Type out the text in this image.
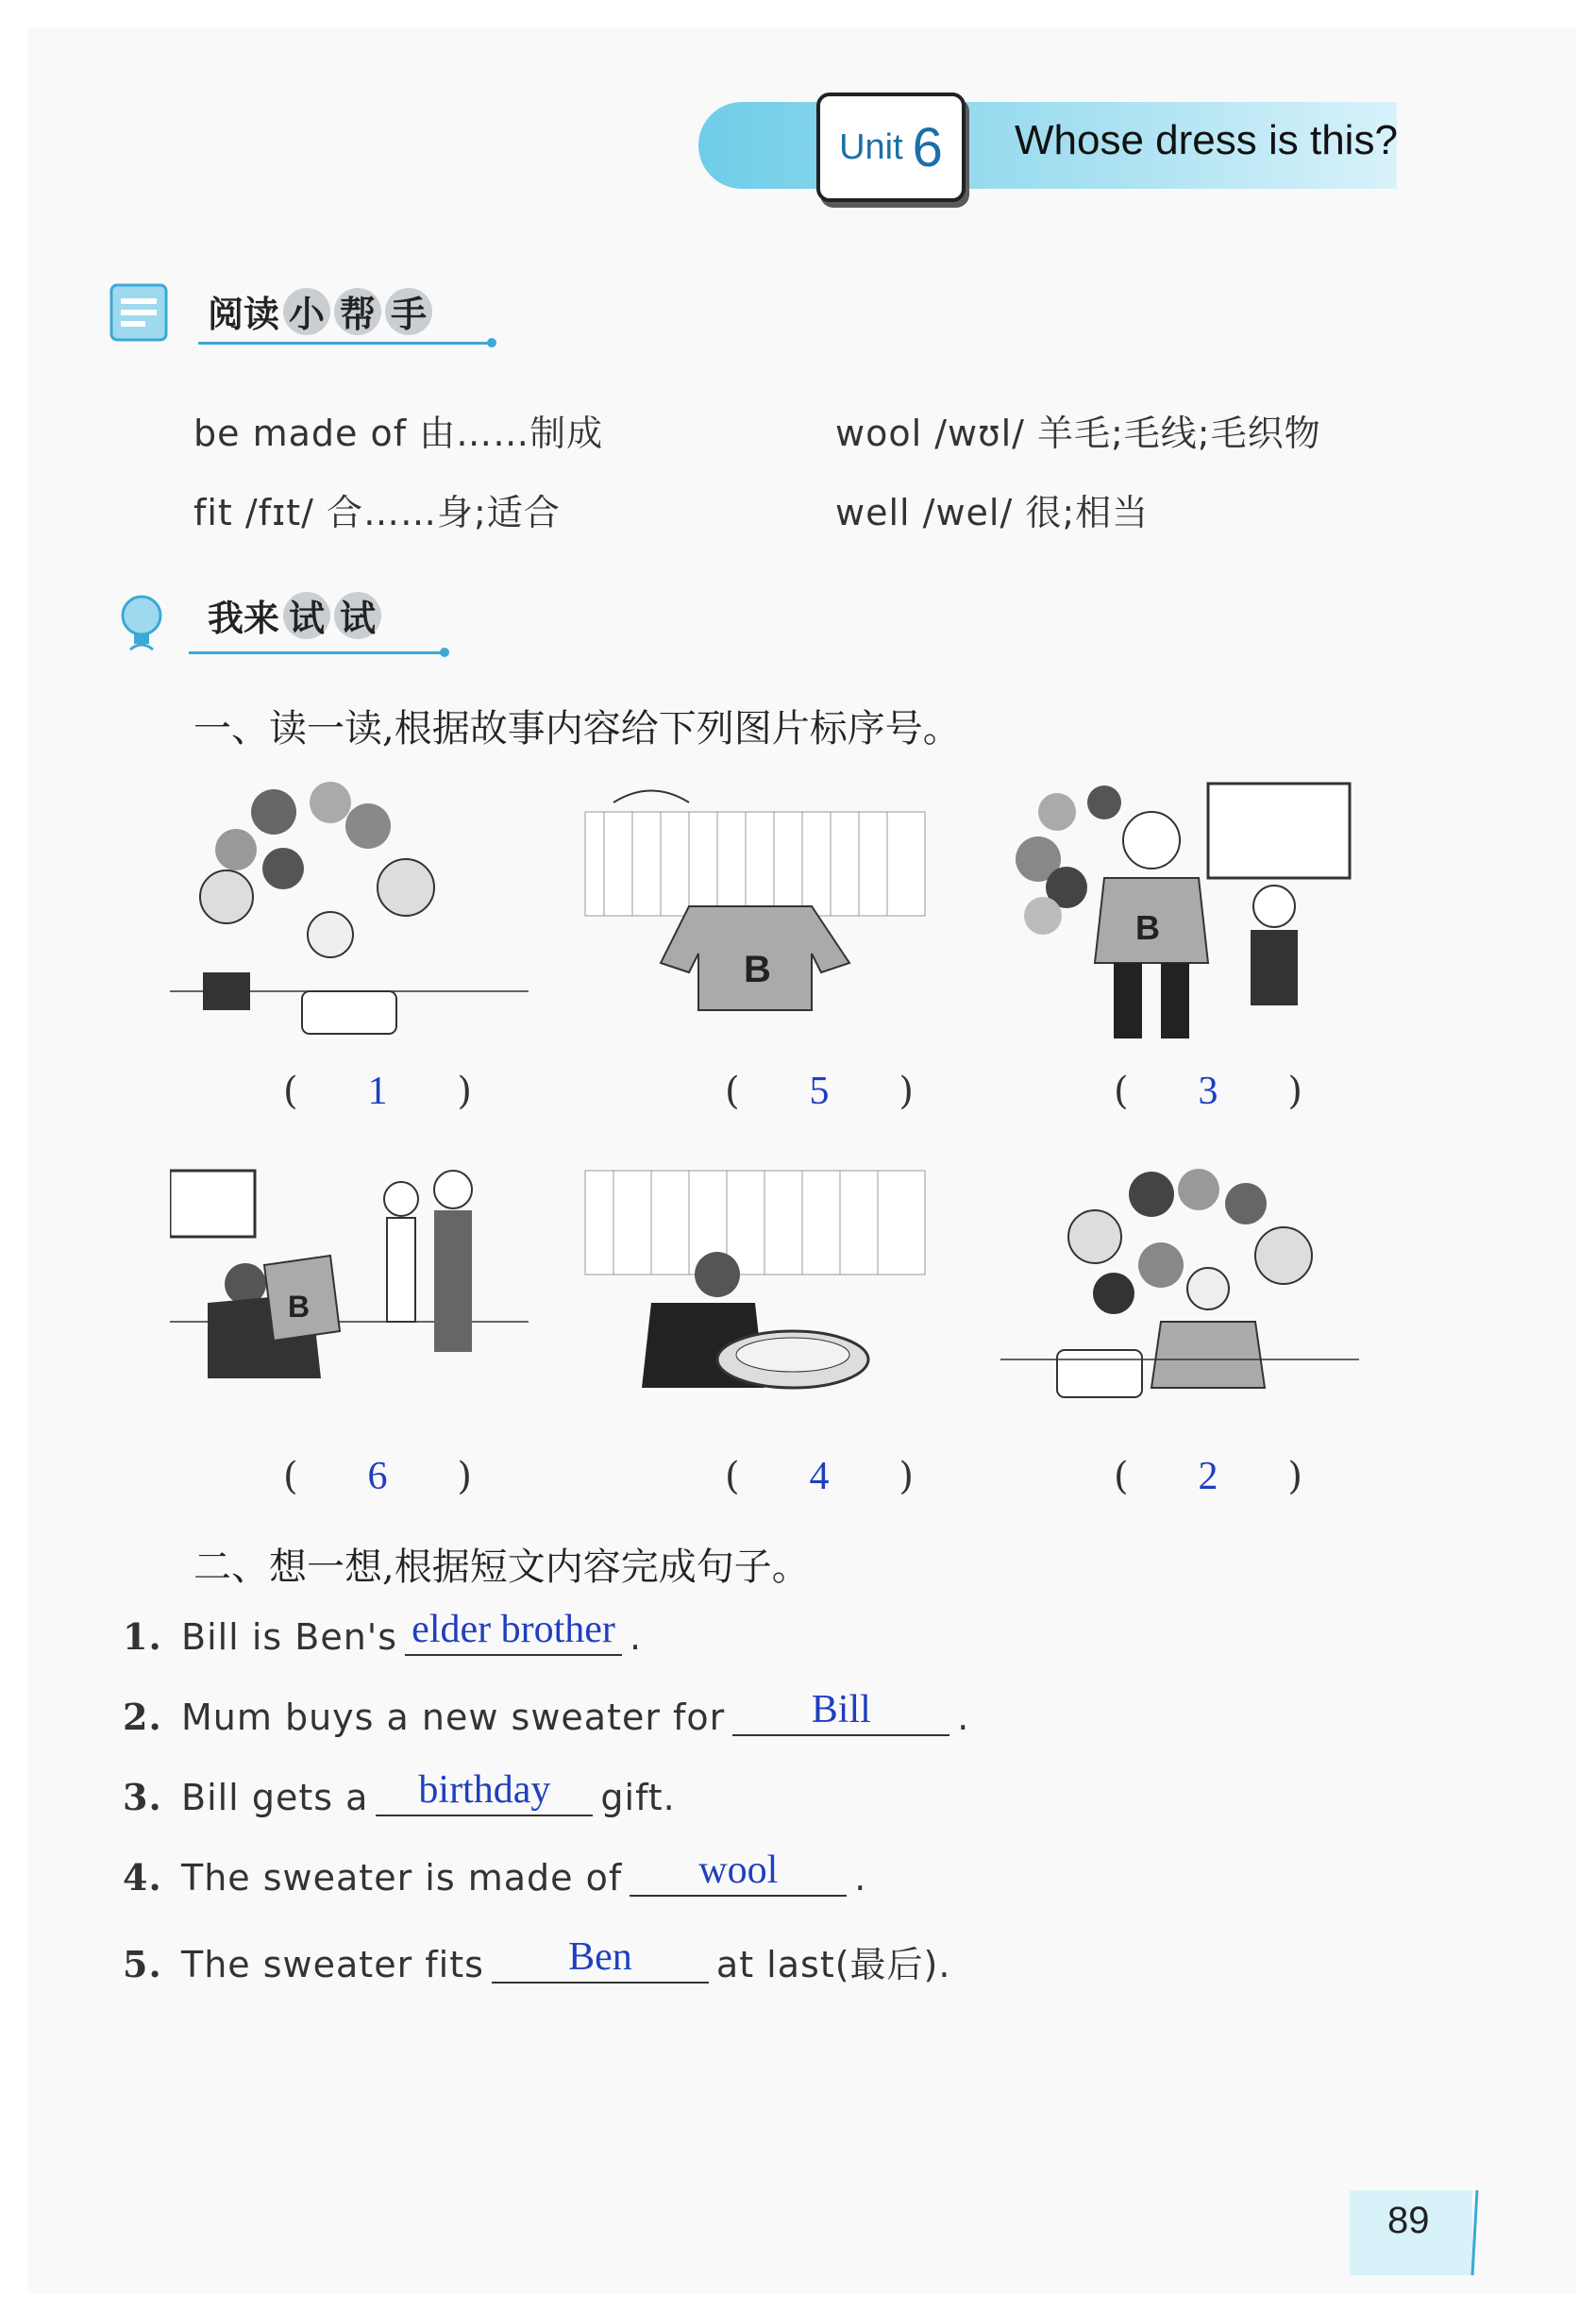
Unit 6 Whose dress is this?
阅读 小 帮 手
be made of 由……制成	wool /wʊl/ 羊毛;毛线;毛织物
fit /fɪt/ 合……身;适合	well /wel/ 很;相当
我来 试 试
一、读一读,根据故事内容给下列图片标序号。
( 1 )
B
( 5 )
B
( 3 )
B
( 6 )	( 4 )	( 2 )
二、想一想,根据短文内容完成句子。
1. Bill is Ben's elder brother .
2. Mum buys a new sweater for	Bill	.
3. Bill gets a	birthday	gift.
4. The sweater is made of	wool	.
5. The sweater fits	Ben	at last(最后).
89
